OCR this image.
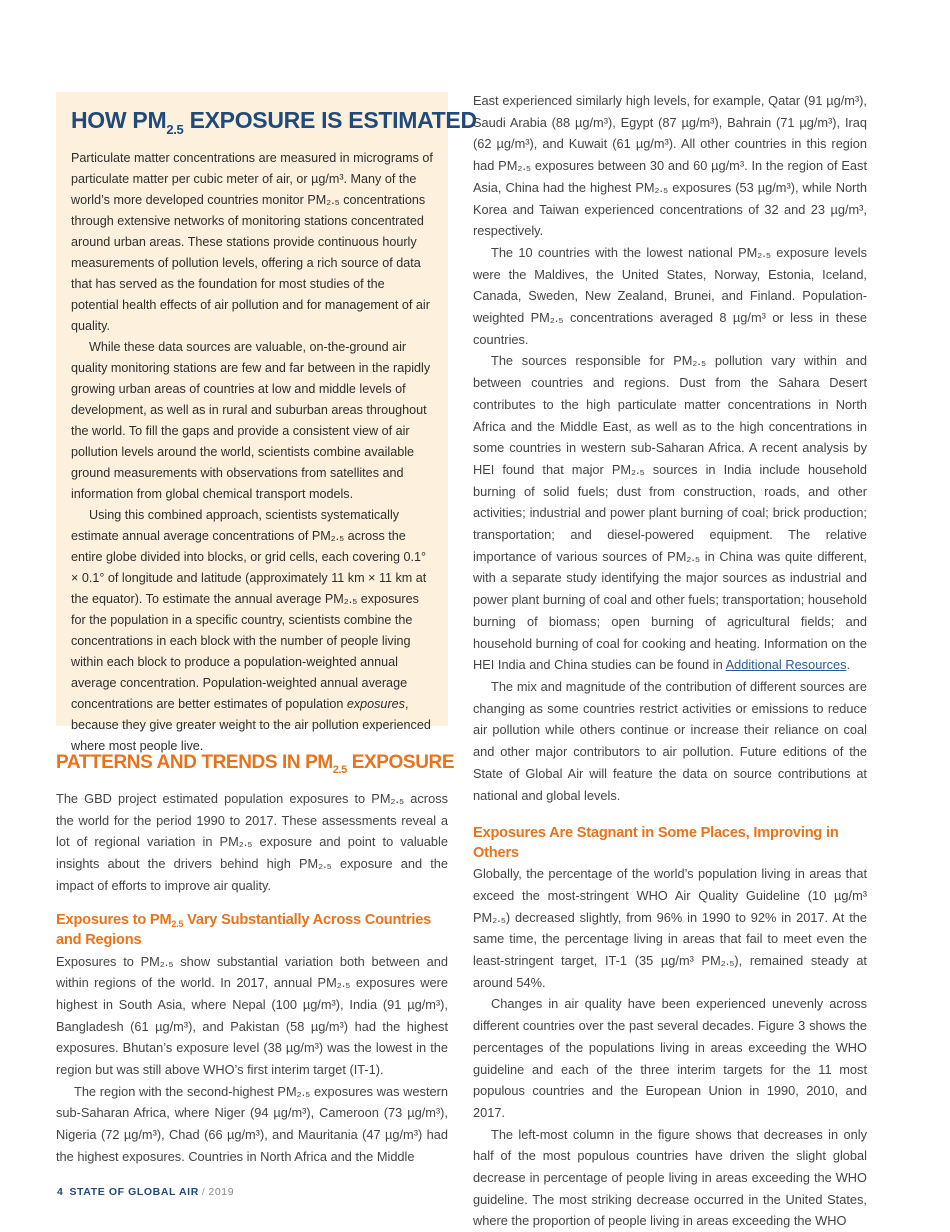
HOW $PM_{2.5}$ EXPOSURE IS ESTIMATED

Particulate matter concentrations are measured in micrograms of particulate matter per cubic meter of air, or µg/m³. Many of the world’s more developed countries monitor PM₂.₅ concentrations through extensive networks of monitoring stations concentrated around urban areas. These stations provide continuous hourly measurements of pollution levels, offering a rich source of data that has served as the foundation for most studies of the potential health effects of air pollution and for management of air quality.

While these data sources are valuable, on-the-ground air quality monitoring stations are few and far between in the rapidly growing urban areas of countries at low and middle levels of development, as well as in rural and suburban areas throughout the world. To fill the gaps and provide a consistent view of air pollution levels around the world, scientists combine available ground measurements with observations from satellites and information from global chemical transport models.

Using this combined approach, scientists systematically estimate annual average concentrations of PM₂.₅ across the entire globe divided into blocks, or grid cells, each covering 0.1° × 0.1° of longitude and latitude (approximately 11 km × 11 km at the equator). To estimate the annual average PM₂.₅ exposures for the population in a specific country, scientists combine the concentrations in each block with the number of people living within each block to produce a population-weighted annual average concentration. Population-weighted annual average concentrations are better estimates of population exposures, because they give greater weight to the air pollution experienced where most people live.

PATTERNS AND TRENDS IN $PM_{2.5}$ EXPOSURE

The GBD project estimated population exposures to PM₂.₅ across the world for the period 1990 to 2017. These assessments reveal a lot of regional variation in PM₂.₅ exposure and point to valuable insights about the drivers behind high PM₂.₅ exposure and the impact of efforts to improve air quality.

Exposures to $PM_{2.5}$ Vary Substantially Across Countries and Regions

Exposures to PM₂.₅ show substantial variation both between and within regions of the world. In 2017, annual PM₂.₅ exposures were highest in South Asia, where Nepal (100 µg/m³), India (91 µg/m³), Bangladesh (61 µg/m³), and Pakistan (58 µg/m³) had the highest exposures. Bhutan’s exposure level (38 µg/m³) was the lowest in the region but was still above WHO’s first interim target (IT-1).

The region with the second-highest PM₂.₅ exposures was western sub-Saharan Africa, where Niger (94 µg/m³), Cameroon (73 µg/m³), Nigeria (72 µg/m³), Chad (66 µg/m³), and Mauritania (47 µg/m³) had the highest exposures. Countries in North Africa and the Middle

East experienced similarly high levels, for example, Qatar (91 µg/m³), Saudi Arabia (88 µg/m³), Egypt (87 µg/m³), Bahrain (71 µg/m³), Iraq (62 µg/m³), and Kuwait (61 µg/m³). All other countries in this region had PM₂.₅ exposures between 30 and 60 µg/m³. In the region of East Asia, China had the highest PM₂.₅ exposures (53 µg/m³), while North Korea and Taiwan experienced concentrations of 32 and 23 µg/m³, respectively.

The 10 countries with the lowest national PM₂.₅ exposure levels were the Maldives, the United States, Norway, Estonia, Iceland, Canada, Sweden, New Zealand, Brunei, and Finland. Population-weighted PM₂.₅ concentrations averaged 8 µg/m³ or less in these countries.

The sources responsible for PM₂.₅ pollution vary within and between countries and regions. Dust from the Sahara Desert contributes to the high particulate matter concentrations in North Africa and the Middle East, as well as to the high concentrations in some countries in western sub-Saharan Africa. A recent analysis by HEI found that major PM₂.₅ sources in India include household burning of solid fuels; dust from construction, roads, and other activities; industrial and power plant burning of coal; brick production; transportation; and diesel-powered equipment. The relative importance of various sources of PM₂.₅ in China was quite different, with a separate study identifying the major sources as industrial and power plant burning of coal and other fuels; transportation; household burning of biomass; open burning of agricultural fields; and household burning of coal for cooking and heating. Information on the HEI India and China studies can be found in Additional Resources.

The mix and magnitude of the contribution of different sources are changing as some countries restrict activities or emissions to reduce air pollution while others continue or increase their reliance on coal and other major contributors to air pollution. Future editions of the State of Global Air will feature the data on source contributions at national and global levels.

Exposures Are Stagnant in Some Places, Improving in Others

Globally, the percentage of the world’s population living in areas that exceed the most-stringent WHO Air Quality Guideline (10 µg/m³ PM₂.₅) decreased slightly, from 96% in 1990 to 92% in 2017. At the same time, the percentage living in areas that fail to meet even the least-stringent target, IT-1 (35 µg/m³ PM₂.₅), remained steady at around 54%.

Changes in air quality have been experienced unevenly across different countries over the past several decades. Figure 3 shows the percentages of the populations living in areas exceeding the WHO guideline and each of the three interim targets for the 11 most populous countries and the European Union in 1990, 2010, and 2017.

The left-most column in the figure shows that decreases in only half of the most populous countries have driven the slight global decrease in percentage of people living in areas exceeding the WHO guideline. The most striking decrease occurred in the United States, where the proportion of people living in areas exceeding the WHO

4 STATE OF GLOBAL AIR / 2019
